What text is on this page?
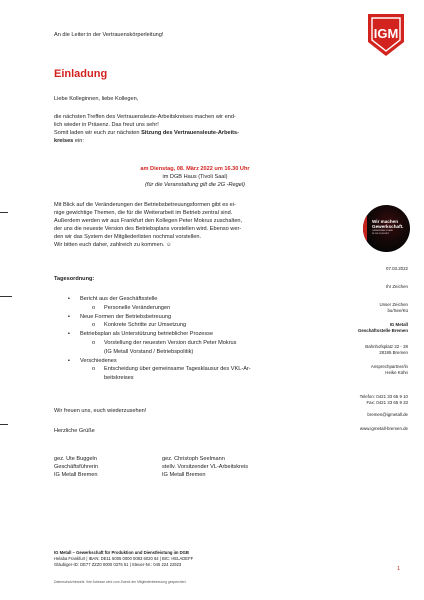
An die Leiter:in der Vertrauenskörperleitung!	IGM
Einladung
Liebe Kolleginnen, liebe Kollegen,
die nächsten Treffen des Vertrauensleute-Arbeitskreises machen wir end-
lich wieder in Präsenz. Das freut uns sehr!
Somit laden wir euch zur nächsten Sitzung des Vertrauensleute-Arbeits-
kreises ein:
am Dienstag, 08. März 2022 um 16.30 Uhr
im DGB Haus (Tivoli Saal)
(für die Veranstaltung gilt die 2G -Regel)
Mit Blick auf die Veränderungen der Betriebsbetreuungsformen gibt es ei-
nige gewichtige Themen, die für die Weiterarbeit im Betrieb zentral sind.
Außerdem werden wir aus Frankfurt den Kollegen Peter Mokrus zuschalten,
der uns die neueste Version des Betriebsplans vorstellen wird. Ebenso wer-
den wir das System der Mitgliederlisten nochmal vorstellen.
Wir bitten euch daher, zahlreich zu kommen. ☺
Tagesordnung:
Bericht aus der Geschäftsstelle
▪
Personelle Veränderungen
o
Neue Formen der Betriebsbetreuung
▪
Konkrete Schritte zur Umsetzung
o
Betriebsplan als Unterstützung betrieblicher Prozesse
▪
Vorstellung der neuesten Version durch Peter Mokrus
o
(IG Metall Vorstand / Betriebspolitik)
Verschiedenes
▪
Entscheidung über gemeinsame Tagesklausur des VKL-Ar-
o
beitskreises
Wir freuen uns, euch wiederzusehen!
Herzliche Grüße
gez. Ute Buggeln
Geschäftsführerin
IG Metall Bremen
gez. Christoph Seelmann
stellv. Vorsitzender VL-Arbeitskreis
IG Metall Bremen
Wir machen
Gewerkschaft.
GEMEINSAM STARK
IN DIE ZUKUNFT
07.03.2022
Ihr Zeichen
Unser Zeichen
bu/See/Kü
IG Metall
Geschäftsstelle Bremen
Bahnhofsplatz 22 - 28
28195 Bremen
Ansprechpartner/in
Heike Kühn
Telefon: 0421 33 65 9 10
Fax: 0421 33 65 9 33
bremen@igmetall.de
www.igmetall-bremen.de
IG Metall – Gewerkschaft für Produktion und Dienstleistung im DGB
Helaba Frankfurt | IBAN: DE11 5005 0000 0083 6020 64 | BIC: HELADEFF
Gläubiger-ID: DE77 ZZZ0 0000 0375 51 | Steuer-Nr.: 045 224 22923
1
Datenschutzhinweis: Ihre Adresse wird zum Zweck der Mitgliederbetreuung gespeichert.
